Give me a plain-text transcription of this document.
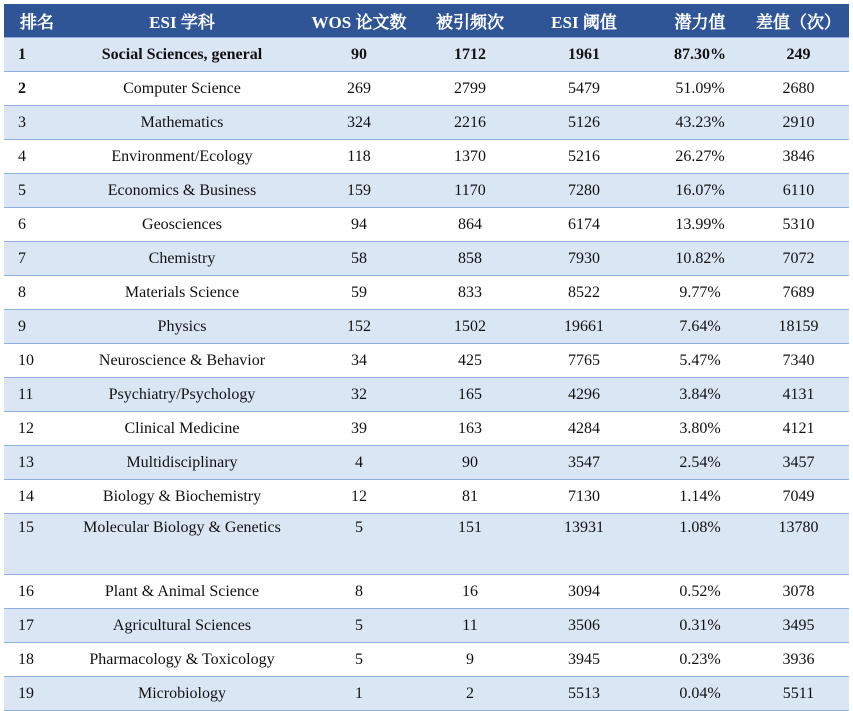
排名	ESI 学科	WOS 论文数	被引频次	ESI 阈值	潜力值	差值（次）
1	Social Sciences, general	90	1712	1961	87.30%	249
2	Computer Science	269	2799	5479	51.09%	2680
3	Mathematics	324	2216	5126	43.23%	2910
4	Environment/Ecology	118	1370	5216	26.27%	3846
5	Economics & Business	159	1170	7280	16.07%	6110
6	Geosciences	94	864	6174	13.99%	5310
7	Chemistry	58	858	7930	10.82%	7072
8	Materials Science	59	833	8522	9.77%	7689
9	Physics	152	1502	19661	7.64%	18159
10	Neuroscience & Behavior	34	425	7765	5.47%	7340
11	Psychiatry/Psychology	32	165	4296	3.84%	4131
12	Clinical Medicine	39	163	4284	3.80%	4121
13	Multidisciplinary	4	90	3547	2.54%	3457
14	Biology & Biochemistry	12	81	7130	1.14%	7049
15	Molecular Biology & Genetics	5	151	13931	1.08%	13780
16	Plant & Animal Science	8	16	3094	0.52%	3078
17	Agricultural Sciences	5	11	3506	0.31%	3495
18	Pharmacology & Toxicology	5	9	3945	0.23%	3936
19	Microbiology	1	2	5513	0.04%	5511
